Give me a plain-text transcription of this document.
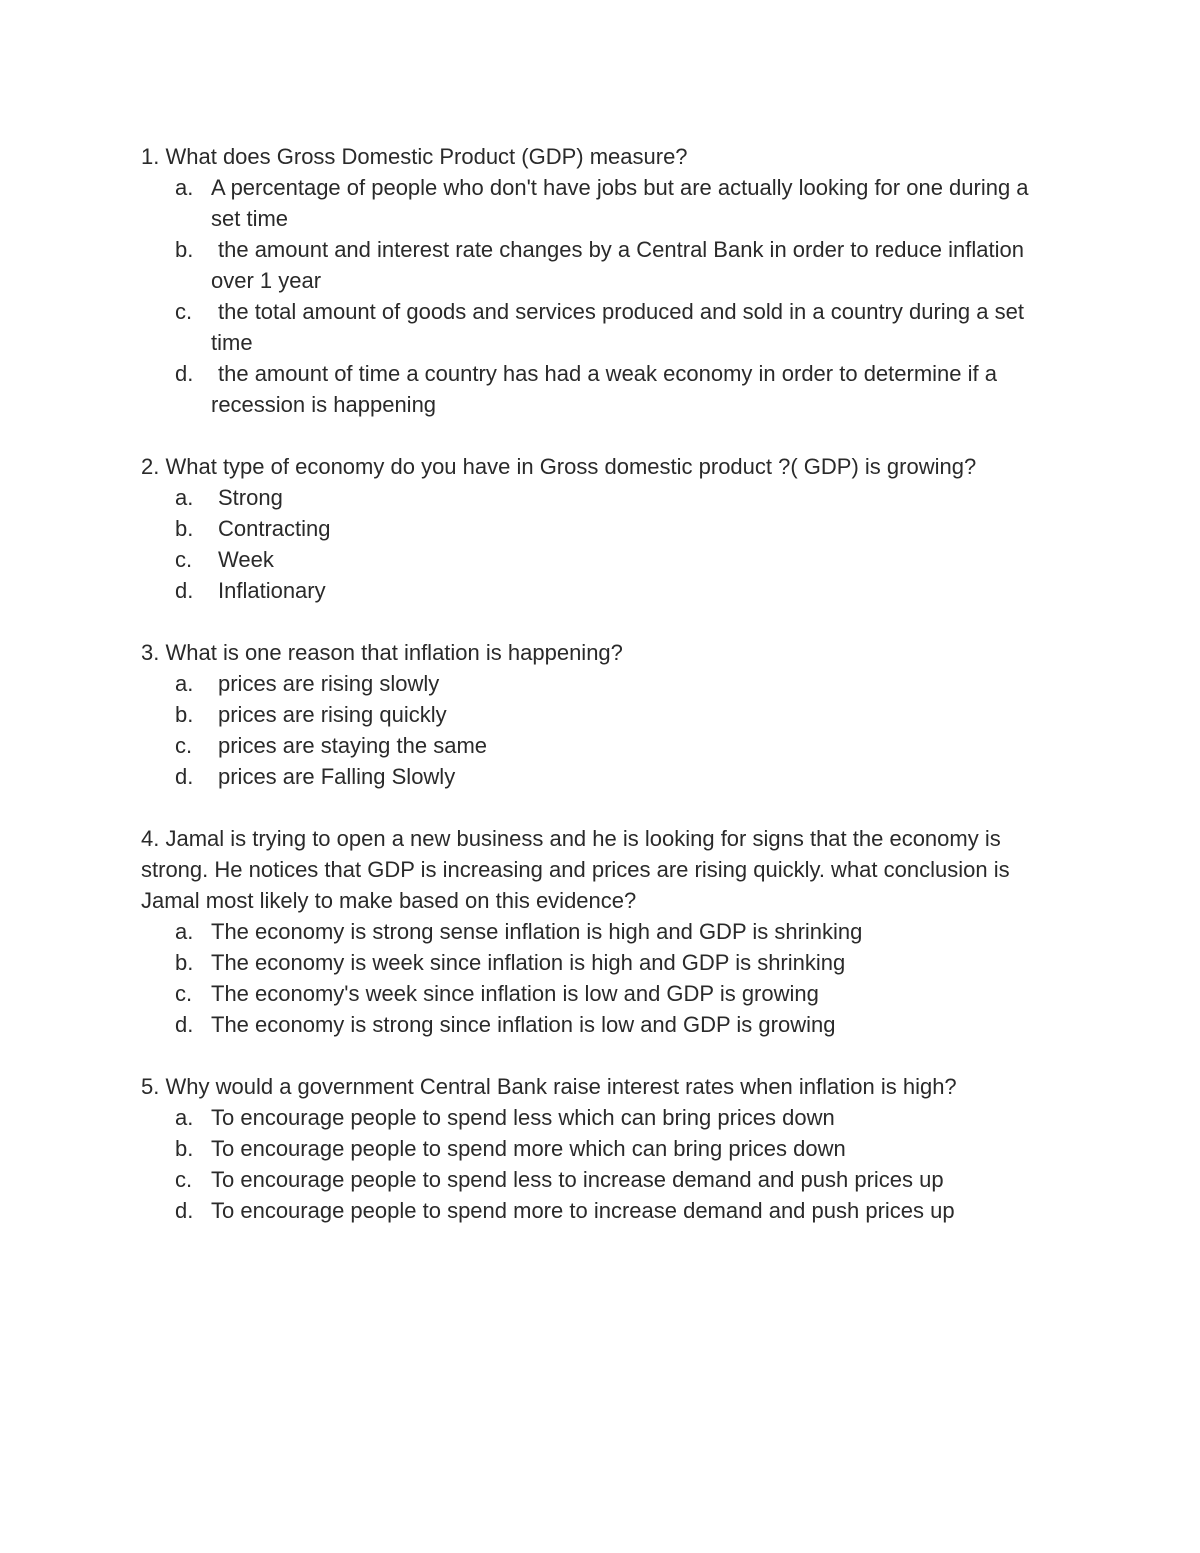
1. What does Gross Domestic Product (GDP) measure?
a. A percentage of people who don't have jobs but are actually looking for one during a set time
b.	the amount and interest rate changes by a Central Bank in order to reduce inflation over 1 year
c.	the total amount of goods and services produced and sold in a country during a set time
d.	the amount of time a country has had a weak economy in order to determine if a recession is happening
2. What type of economy do you have in Gross domestic product ?( GDP) is growing?
a.	Strong
b.	Contracting
c.	Week
d.	Inflationary
3. What is one reason that inflation is happening?
a.	prices are rising slowly
b.	prices are rising quickly
c.	prices are staying the same
d.	prices are Falling Slowly
4. Jamal is trying to open a new business and he is looking for signs that the economy is strong. He notices that GDP is increasing and prices are rising quickly. what conclusion is Jamal most likely to make based on this evidence?
a. The economy is strong sense inflation is high and GDP is shrinking
b. The economy is week since inflation is high and GDP is shrinking
c. The economy's week since inflation is low and GDP is growing
d. The economy is strong since inflation is low and GDP is growing
5. Why would a government Central Bank raise interest rates when inflation is high?
a. To encourage people to spend less which can bring prices down
b. To encourage people to spend more which can bring prices down
c. To encourage people to spend less to increase demand and push prices up
d. To encourage people to spend more to increase demand and push prices up
